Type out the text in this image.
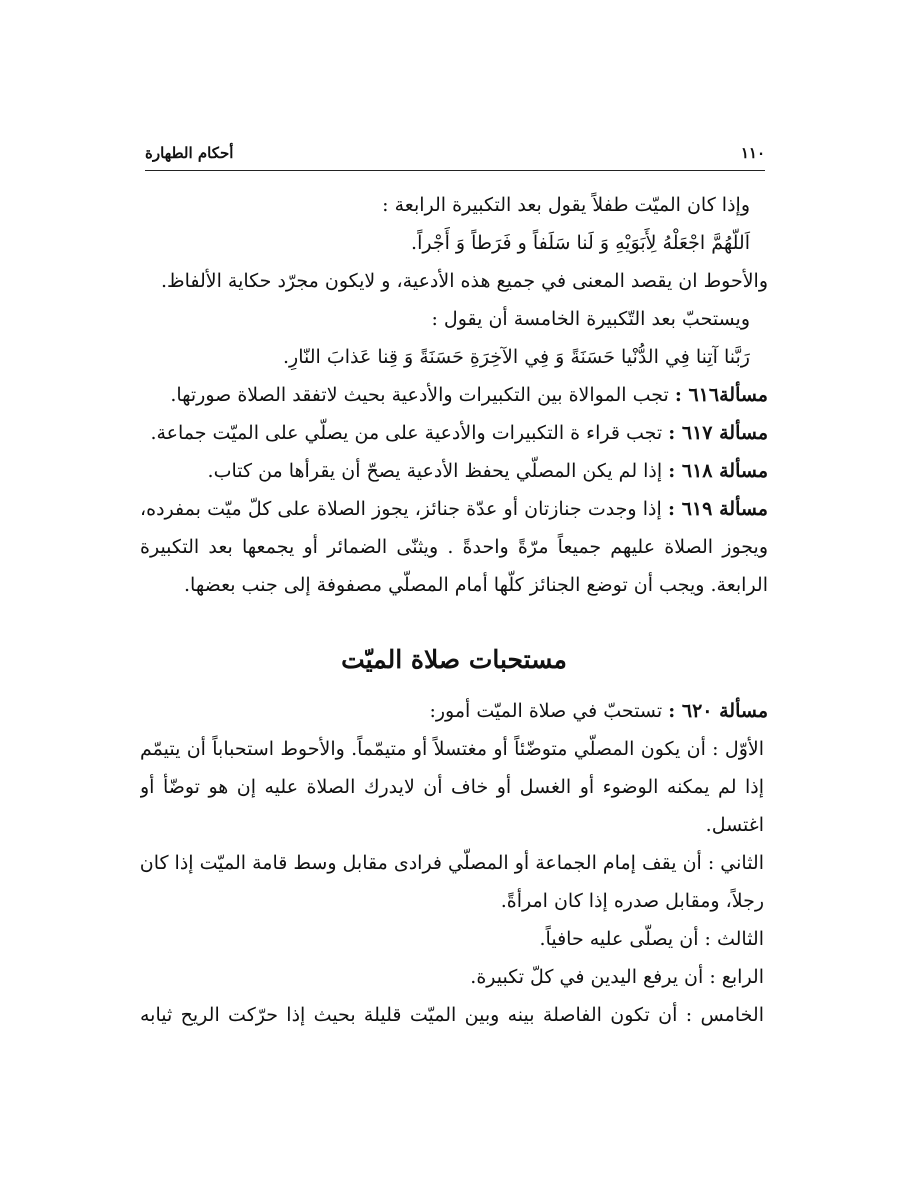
١١٠
أحكام الطهارة

وإذا كان الميّت طفلاً يقول بعد التكبيرة الرابعة :

اَللّهُمَّ اجْعَلْهُ لِأَبَوَيْهِ وَ لَنا سَلَفاً و فَرَطاً وَ أَجْراً.

والأحوط ان يقصد المعنى في جميع هذه الأدعية، و لايكون مجرّد حكاية الألفاظ.

ويستحبّ بعد التّكبيرة الخامسة أن يقول :

رَبَّنا آتِنا فِي الدُّنْيا حَسَنَةً وَ فِي الآخِرَةِ حَسَنَةً وَ قِنا عَذابَ النّارِ.

مسألة٦١٦ : تجب الموالاة بين التكبيرات والأدعية بحيث لاتفقد الصلاة صورتها.

مسألة ٦١٧ : تجب قراء ة التكبيرات والأدعية على من يصلّي على الميّت جماعة.

مسألة ٦١٨ : إذا لم يكن المصلّي يحفظ الأدعية يصحّ أن يقرأها من كتاب.

مسألة ٦١٩ : إذا وجدت جنازتان أو عدّة جنائز، يجوز الصلاة على كلّ ميّت بمفرده،

ويجوز الصلاة عليهم جميعاً مرّةً واحدةً . ويثنّى الضمائر أو يجمعها بعد التكبيرة

الرابعة. ويجب أن توضع الجنائز كلّها أمام المصلّي مصفوفة إلى جنب بعضها.

مستحبات صلاة الميّت

مسألة ٦٢٠ : تستحبّ في صلاة الميّت أمور:

الأوّل : أن يكون المصلّي متوضّئاً أو مغتسلاً أو متيمّماً. والأحوط استحباباً أن يتيمّم

إذا لم يمكنه الوضوء أو الغسل أو خاف أن لايدرك الصلاة عليه إن هو توضّأ أو

اغتسل.

الثاني : أن يقف إمام الجماعة أو المصلّي فرادى مقابل وسط قامة الميّت إذا كان

رجلاً، ومقابل صدره إذا كان امرأةً.

الثالث : أن يصلّى عليه حافياً.

الرابع : أن يرفع اليدين في كلّ تكبيرة.

الخامس : أن تكون الفاصلة بينه وبين الميّت قليلة بحيث إذا حرّكت الريح ثيابه
